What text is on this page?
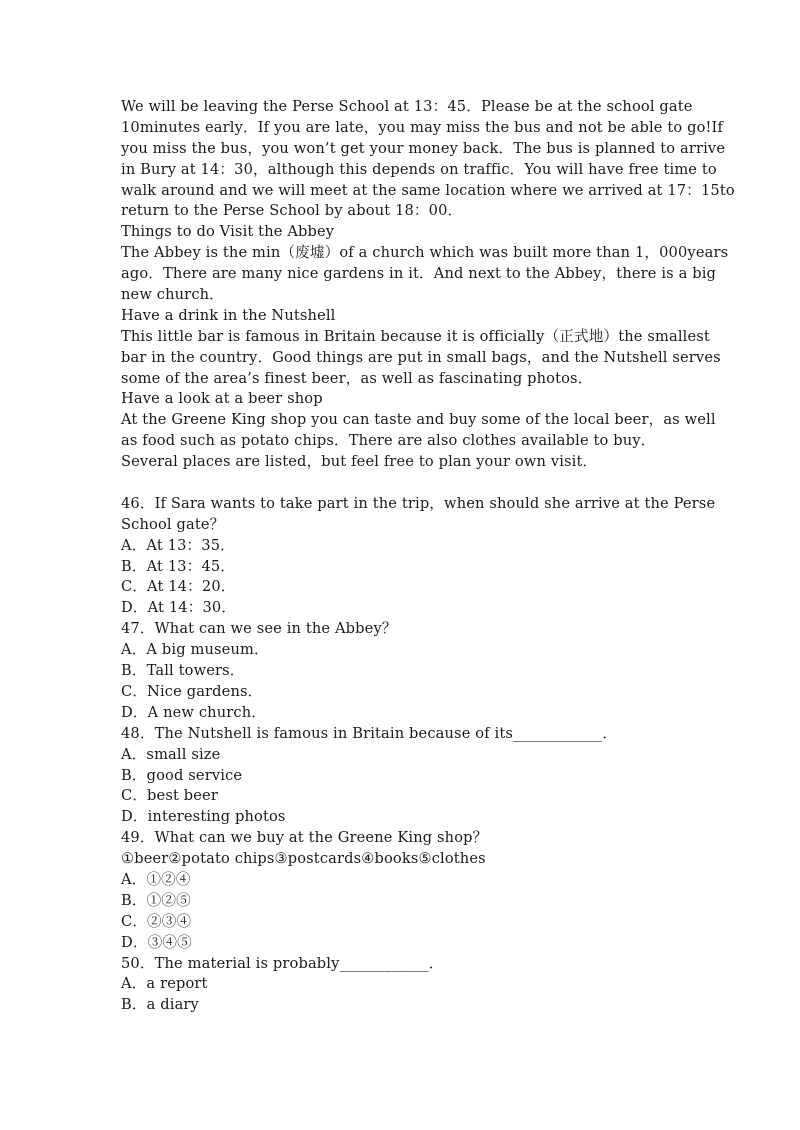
We will be leaving the Perse School at 13：45．Please be at the school gate
10minutes early．If you are late，you may miss the bus and not be able to go!If
you miss the bus，you won’t get your money back．The bus is planned to arrive
in Bury at 14：30，although this depends on traffic．You will have free time to
walk around and we will meet at the same location where we arrived at 17：15to
return to the Perse School by about 18：00．
Things to do Visit the Abbey
The Abbey is the min（废墟）of a church which was built more than 1，000years
ago．There are many nice gardens in it．And next to the Abbey，there is a big
new church．
Have a drink in the Nutshell
This little bar is famous in Britain because it is officially（正式地）the smallest
bar in the country．Good things are put in small bags，and the Nutshell serves
some of the area’s finest beer，as well as fascinating photos．
Have a look at a beer shop
At the Greene King shop you can taste and buy some of the local beer，as well
as food such as potato chips．There are also clothes available to buy．
Several places are listed，but feel free to plan your own visit．
46．If Sara wants to take part in the trip，when should she arrive at the Perse
School gate？
A．At 13：35．
B．At 13：45．
C．At 14：20．
D．At 14：30．
47．What can we see in the Abbey？
A．A big museum．
B．Tall towers．
C．Nice gardens．
D．A new church．
48．The Nutshell is famous in Britain because of its____________．
A．small size
B．good service
C．best beer
D．interesting photos
49．What can we buy at the Greene King shop？
①beer②potato chips③postcards④books⑤clothes
A．①②④
B．①②⑤
C．②③④
D．③④⑤
50．The material is probably____________．
A．a report
B．a diary
